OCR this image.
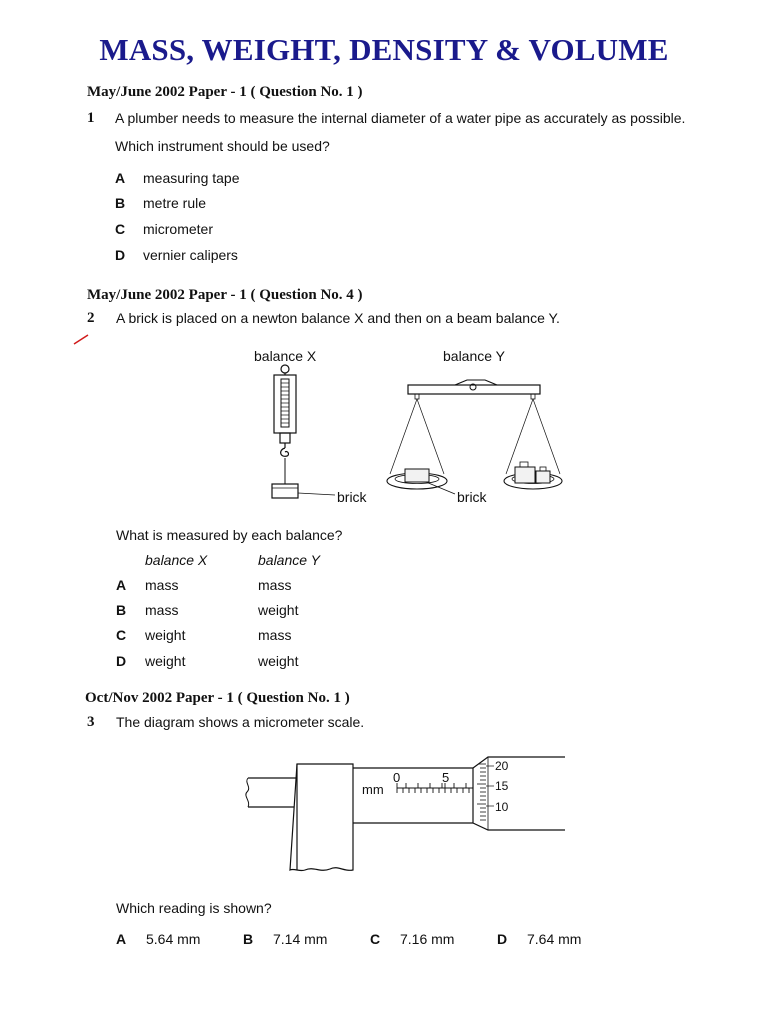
MASS, WEIGHT, DENSITY & VOLUME
May/June 2002 Paper - 1 ( Question No. 1 )
1 A plumber needs to measure the internal diameter of a water pipe as accurately as possible.
Which instrument should be used?
A measuring tape
B metre rule
C micrometer
D vernier calipers
May/June 2002 Paper - 1 ( Question No. 4 )
2 A brick is placed on a newton balance X and then on a beam balance Y.
balance X	balance Y
brick	brick
What is measured by each balance?
balance X	balance Y
A mass	mass
B mass	weight
C weight	mass
D weight	weight
Oct/Nov 2002 Paper - 1 ( Question No. 1 )
3 The diagram shows a micrometer scale.
mm
0	5
20
15
10
Which reading is shown?
A 5.64 mm	B 7.14 mm	C 7.16 mm	D 7.64 mm
